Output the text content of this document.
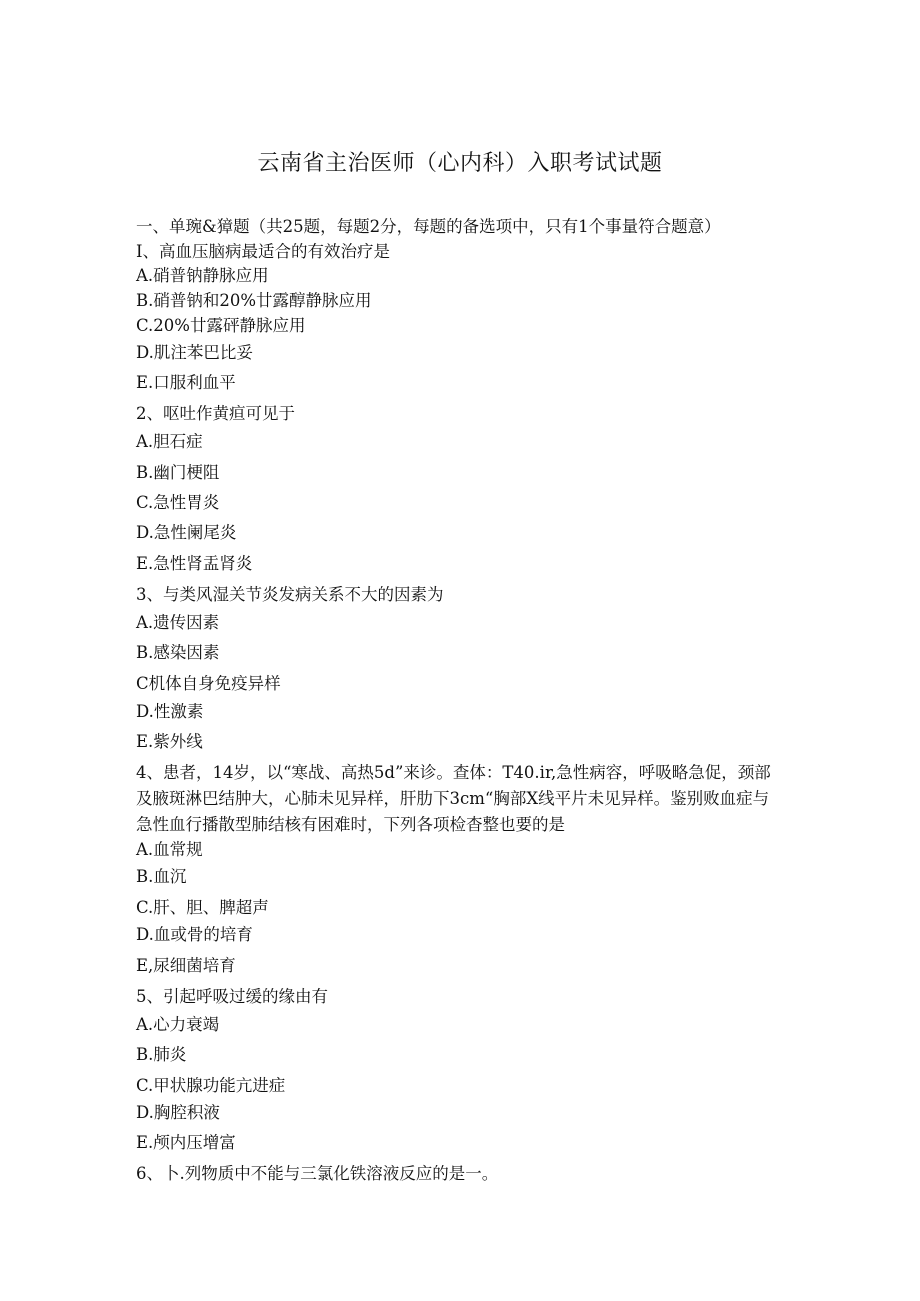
云南省主治医师（心内科）入职考试试题
一、单琬&獐题（共25题，每题2分，每题的备选项中，只有1个事量符合题意）
I、高血压脑病最适合的有效治疗是
A.硝普钠静脉应用
B.硝普钠和20%廿露醇静脉应用
C.20%廿露砰静脉应用
D.肌注苯巴比妥
E.口服利血平
2、呕吐作黄疸可见于
A.胆石症
B.幽门梗阻
C.急性胃炎
D.急性阑尾炎
E.急性肾盂肾炎
3、与类风湿关节炎发病关系不大的因素为
A.遗传因素
B.感染因素
C机体自身免疫异样
D.性激素
E.紫外线
4、患者，14岁，以“寒战、高热5d”来诊。查体：T40.ir,急性病容，呼吸略急促，颈部及腋斑淋巴结肿大，心肺未见异样，肝肋下3cm“胸部X线平片未见异样。鉴别败血症与急性血行播散型肺结核有困难时，下列各项检杳整也要的是
A.血常规
B.血沉
C.肝、胆、脾超声
D.血或骨的培育
E,尿细菌培育
5、引起呼吸过缓的缘由有
A.心力衰竭
B.肺炎
C.甲状腺功能亢进症
D.胸腔积液
E.颅内压增富
6、卜.列物质中不能与三氯化铁溶液反应的是一。
